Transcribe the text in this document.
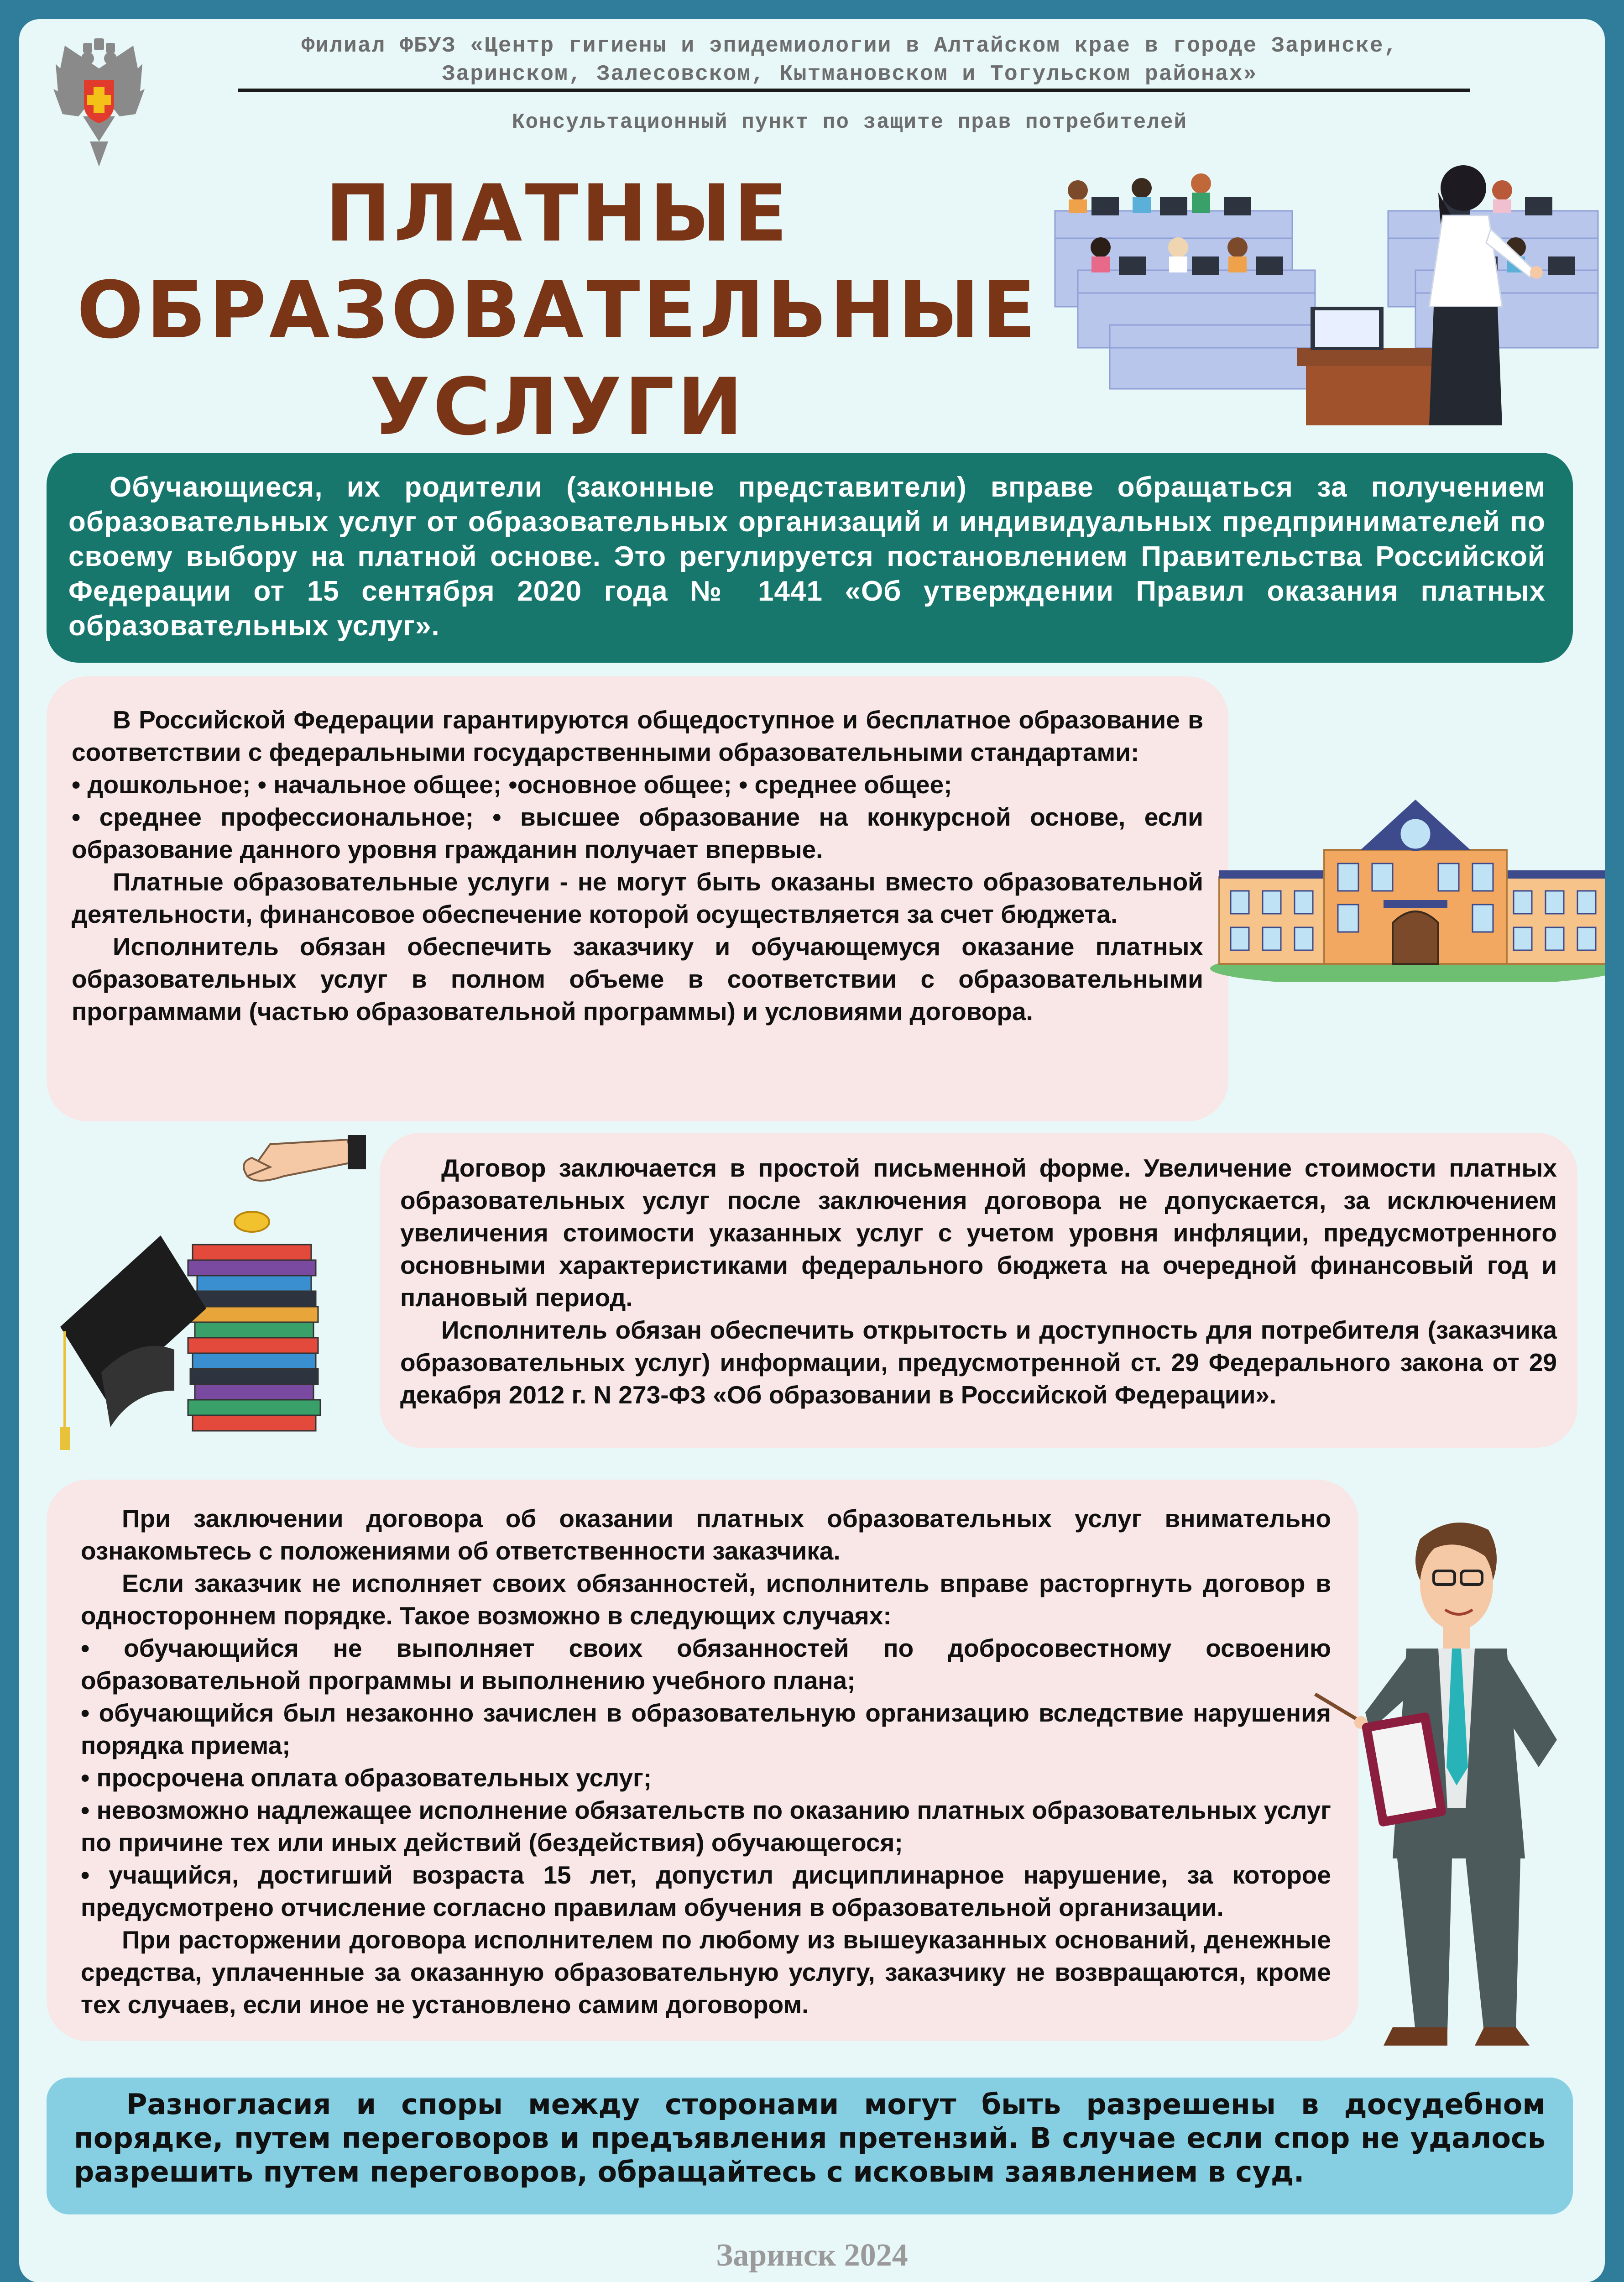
Филиал ФБУЗ «Центр гигиены и эпидемиологии в Алтайском крае в городе Заринске,
Заринском, Залесовском, Кытмановском и Тогульском районах»
Консультационный пункт по защите прав потребителей
ПЛАТНЫЕ
ОБРАЗОВАТЕЛЬНЫЕ
УСЛУГИ

Обучающиеся, их родители (законные представители) вправе обращаться за получением образовательных услуг от образовательных организаций и индивидуальных предпринимателей по своему выбору на платной основе. Это регулируется постановлением Правительства Российской Федерации от 15 сентября 2020 года № 1441 «Об утверждении Правил оказания платных образовательных услуг».

В Российской Федерации гарантируются общедоступное и бесплатное образование в соответствии с федеральными государственными образовательными стандартами:

• дошкольное; • начальное общее; •основное общее; • среднее общее;

• среднее профессиональное; • высшее образование на конкурсной основе, если образование данного уровня гражданин получает впервые.

Платные образовательные услуги - не могут быть оказаны вместо образовательной деятельности, финансовое обеспечение которой осуществляется за счет бюджета.

Исполнитель обязан обеспечить заказчику и обучающемуся оказание платных образовательных услуг в полном объеме в соответствии с образовательными программами (частью образовательной программы) и условиями договора.

Договор заключается в простой письменной форме. Увеличение стоимости платных образовательных услуг после заключения договора не допускается, за исключением увеличения стоимости указанных услуг с учетом уровня инфляции, предусмотренного основными характеристиками федерального бюджета на очередной финансовый год и плановый период.

Исполнитель обязан обеспечить открытость и доступность для потребителя (заказчика образовательных услуг) информации, предусмотренной ст. 29 Федерального закона от 29 декабря 2012 г. N 273-ФЗ «Об образовании в Российской Федерации».

При заключении договора об оказании платных образовательных услуг внимательно ознакомьтесь с положениями об ответственности заказчика.

Если заказчик не исполняет своих обязанностей, исполнитель вправе расторгнуть договор в одностороннем порядке. Такое возможно в следующих случаях:

• обучающийся не выполняет своих обязанностей по добросовестному освоению образовательной программы и выполнению учебного плана;

• обучающийся был незаконно зачислен в образовательную организацию вследствие нарушения порядка приема;

• просрочена оплата образовательных услуг;

• невозможно надлежащее исполнение обязательств по оказанию платных образовательных услуг по причине тех или иных действий (бездействия) обучающегося;

• учащийся, достигший возраста 15 лет, допустил дисциплинарное нарушение, за которое предусмотрено отчисление согласно правилам обучения в образовательной организации.

При расторжении договора исполнителем по любому из вышеуказанных оснований, денежные средства, уплаченные за оказанную образовательную услугу, заказчику не возвращаются, кроме тех случаев, если иное не установлено самим договором.

Разногласия и споры между сторонами могут быть разрешены в досудебном порядке, путем переговоров и предъявления претензий. В случае если спор не удалось разрешить путем переговоров, обращайтесь с исковым заявлением в суд.

Заринск 2024
